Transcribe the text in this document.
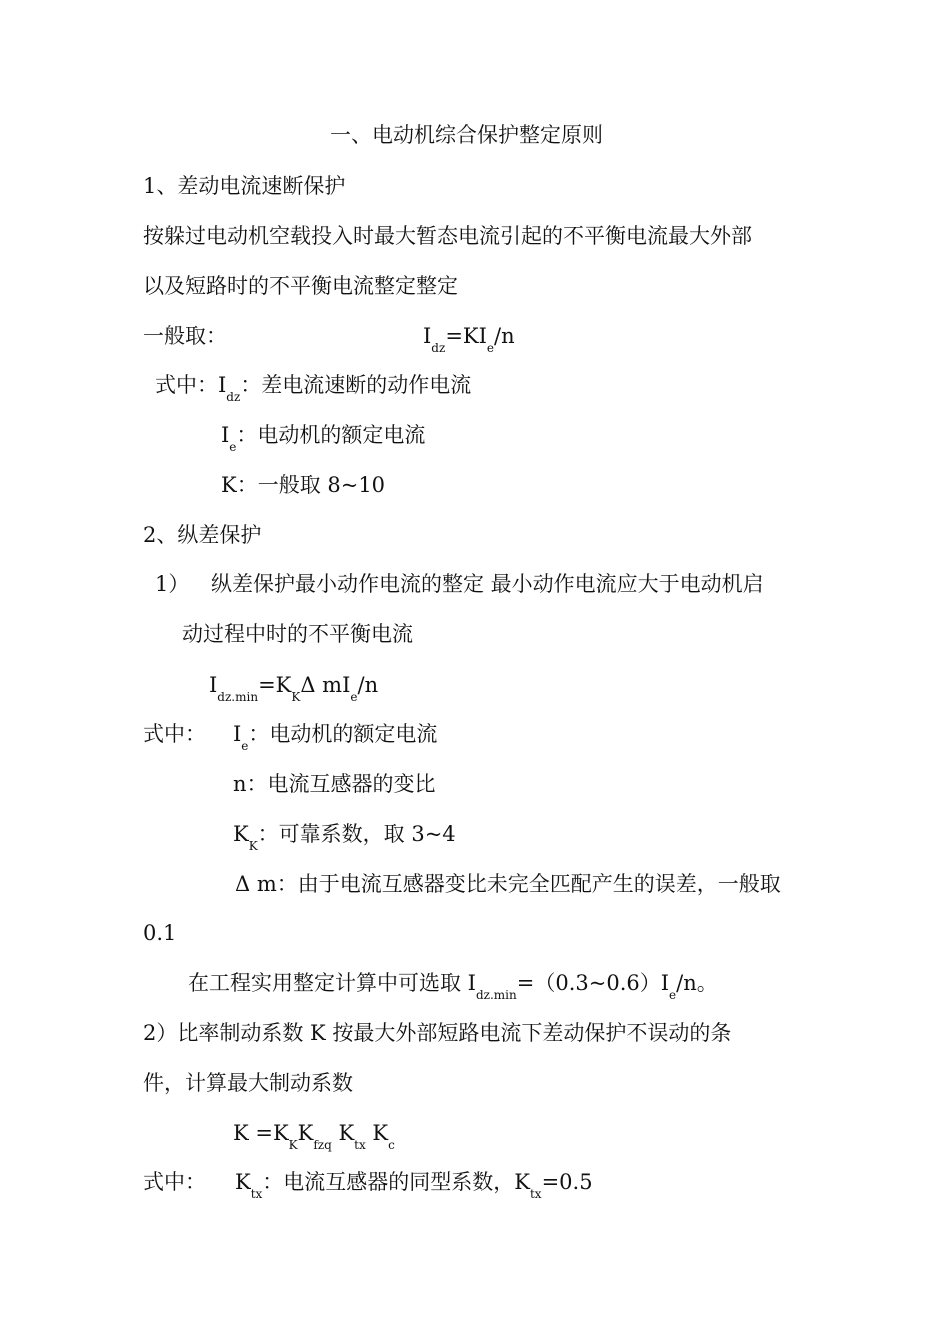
一、电动机综合保护整定原则
1、差动电流速断保护
按躲过电动机空载投入时最大暂态电流引起的不平衡电流最大外部
以及短路时的不平衡电流整定整定
一般取：	$I_{dz}=KI_e/n$
式中：$I_{dz}$：差电流速断的动作电流
$I_e$：电动机的额定电流
K：一般取 8~10
2、纵差保护
1） 纵差保护最小动作电流的整定 最小动作电流应大于电动机启
动过程中时的不平衡电流
$I_{dz.min}=K_K\Delta$ $mI_e/n$
式中： $I_e$：电动机的额定电流
n：电流互感器的变比
$K_K$：可靠系数，取 3~4
Δ m：由于电流互感器变比未完全匹配产生的误差，一般取
0.1
在工程实用整定计算中可选取 $I_{dz.min}=(0.3\sim 0.6)I_e/n$。
2）比率制动系数 K 按最大外部短路电流下差动保护不误动的条
件，计算最大制动系数
$K =K_KK_{fzq}$ $K_{tx}$ $K_c$
式中： $K_{tx}$：电流互感器的同型系数，$K_{tx}=0.5$
